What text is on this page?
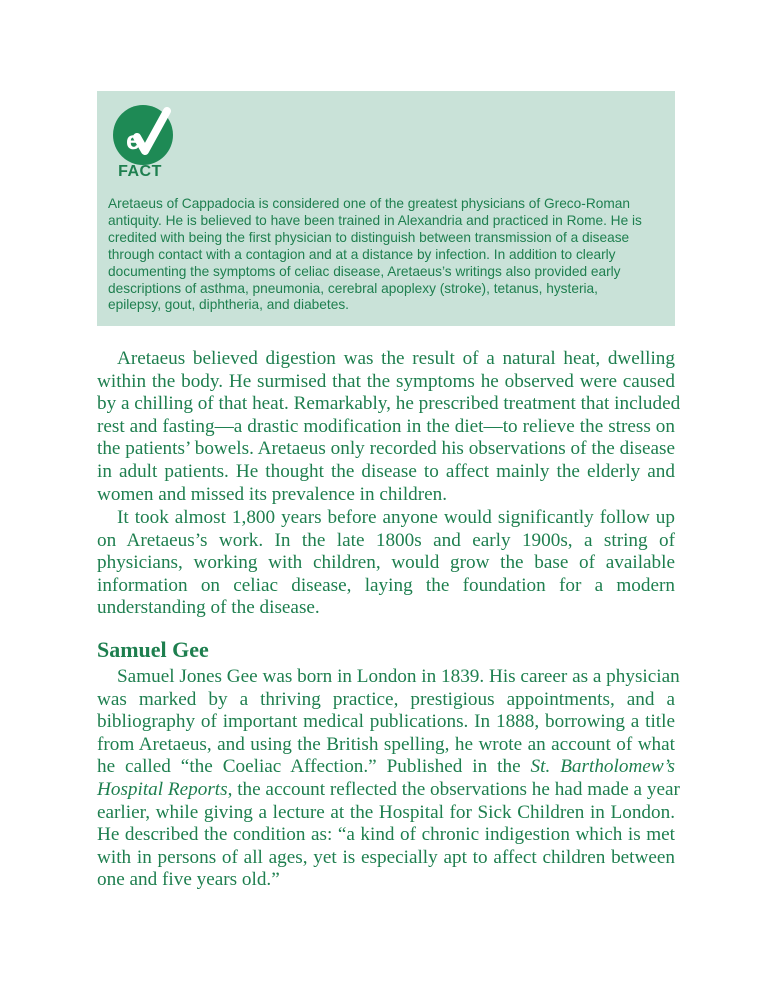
e
FACT
Aretaeus of Cappadocia is considered one of the greatest physicians of Greco-Roman
antiquity. He is believed to have been trained in Alexandria and practiced in Rome. He is
credited with being the first physician to distinguish between transmission of a disease
through contact with a contagion and at a distance by infection. In addition to clearly
documenting the symptoms of celiac disease, Aretaeus’s writings also provided early
descriptions of asthma, pneumonia, cerebral apoplexy (stroke), tetanus, hysteria,
epilepsy, gout, diphtheria, and diabetes.
Aretaeus believed digestion was the result of a natural heat, dwelling
within the body. He surmised that the symptoms he observed were caused
by a chilling of that heat. Remarkably, he prescribed treatment that included
rest and fasting—a drastic modification in the diet—to relieve the stress on
the patients’ bowels. Aretaeus only recorded his observations of the disease
in adult patients. He thought the disease to affect mainly the elderly and
women and missed its prevalence in children.
It took almost 1,800 years before anyone would significantly follow up
on Aretaeus’s work. In the late 1800s and early 1900s, a string of
physicians, working with children, would grow the base of available
information on celiac disease, laying the foundation for a modern
understanding of the disease.
Samuel Gee
Samuel Jones Gee was born in London in 1839. His career as a physician
was marked by a thriving practice, prestigious appointments, and a
bibliography of important medical publications. In 1888, borrowing a title
from Aretaeus, and using the British spelling, he wrote an account of what
he called “the Coeliac Affection.” Published in the St. Bartholomew’s
Hospital Reports, the account reflected the observations he had made a year
earlier, while giving a lecture at the Hospital for Sick Children in London.
He described the condition as: “a kind of chronic indigestion which is met
with in persons of all ages, yet is especially apt to affect children between
one and five years old.”
